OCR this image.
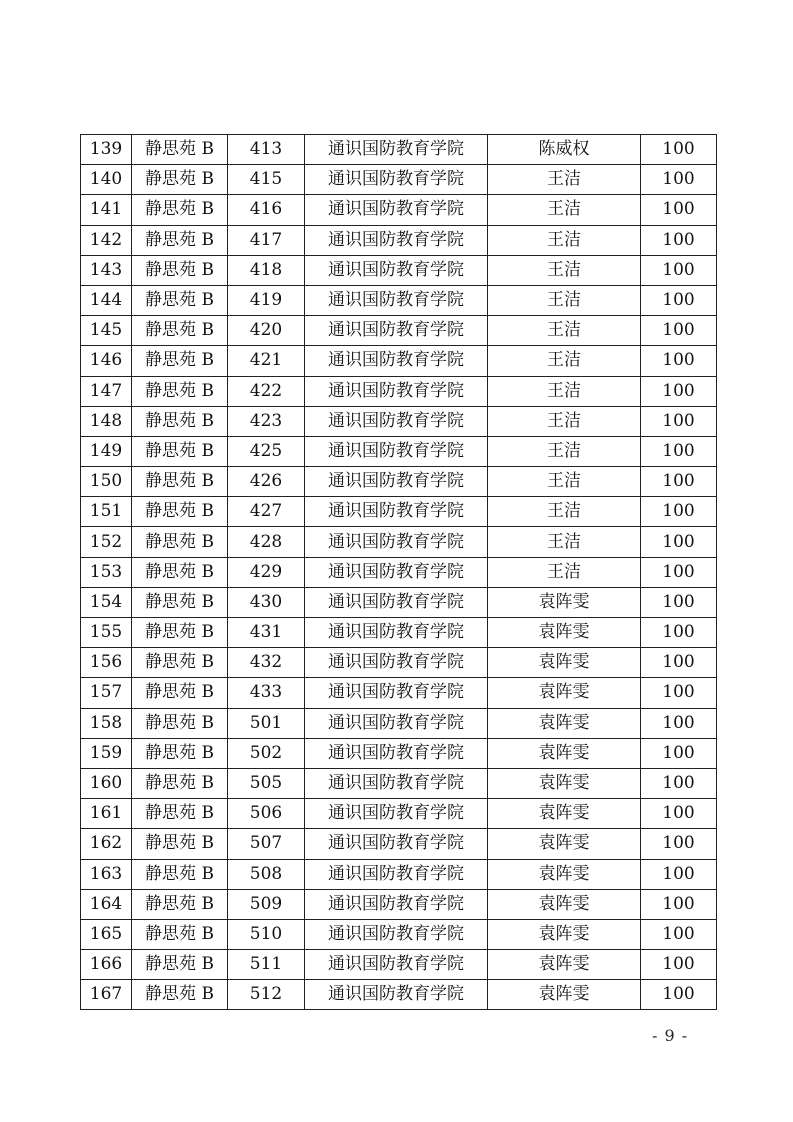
139	静思苑 B	413	通识国防教育学院	陈威权	100
140	静思苑 B	415	通识国防教育学院	王洁	100
141	静思苑 B	416	通识国防教育学院	王洁	100
142	静思苑 B	417	通识国防教育学院	王洁	100
143	静思苑 B	418	通识国防教育学院	王洁	100
144	静思苑 B	419	通识国防教育学院	王洁	100
145	静思苑 B	420	通识国防教育学院	王洁	100
146	静思苑 B	421	通识国防教育学院	王洁	100
147	静思苑 B	422	通识国防教育学院	王洁	100
148	静思苑 B	423	通识国防教育学院	王洁	100
149	静思苑 B	425	通识国防教育学院	王洁	100
150	静思苑 B	426	通识国防教育学院	王洁	100
151	静思苑 B	427	通识国防教育学院	王洁	100
152	静思苑 B	428	通识国防教育学院	王洁	100
153	静思苑 B	429	通识国防教育学院	王洁	100
154	静思苑 B	430	通识国防教育学院	袁阵雯	100
155	静思苑 B	431	通识国防教育学院	袁阵雯	100
156	静思苑 B	432	通识国防教育学院	袁阵雯	100
157	静思苑 B	433	通识国防教育学院	袁阵雯	100
158	静思苑 B	501	通识国防教育学院	袁阵雯	100
159	静思苑 B	502	通识国防教育学院	袁阵雯	100
160	静思苑 B	505	通识国防教育学院	袁阵雯	100
161	静思苑 B	506	通识国防教育学院	袁阵雯	100
162	静思苑 B	507	通识国防教育学院	袁阵雯	100
163	静思苑 B	508	通识国防教育学院	袁阵雯	100
164	静思苑 B	509	通识国防教育学院	袁阵雯	100
165	静思苑 B	510	通识国防教育学院	袁阵雯	100
166	静思苑 B	511	通识国防教育学院	袁阵雯	100
167	静思苑 B	512	通识国防教育学院	袁阵雯	100
- 9 -
